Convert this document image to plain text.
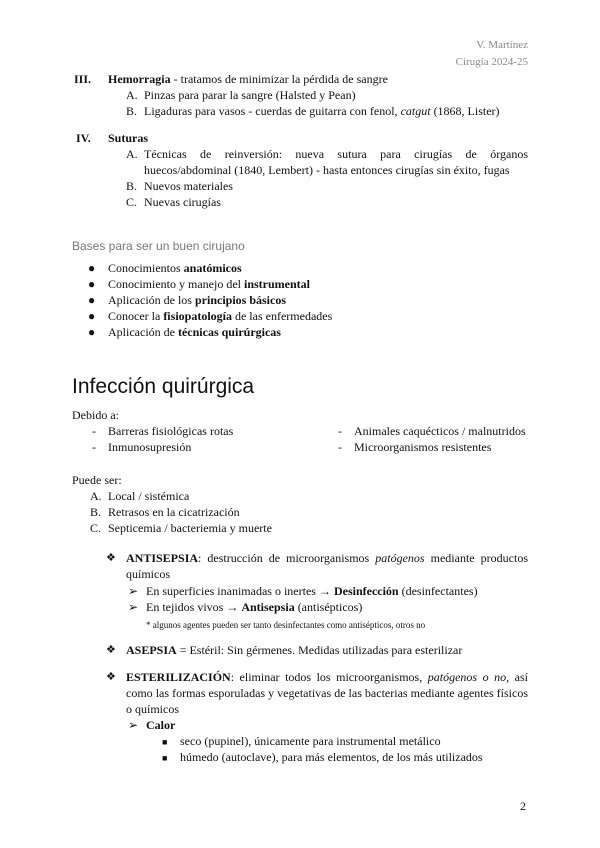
V. Martínez
Cirugía 2024-25
III. Hemorragia - tratamos de minimizar la pérdida de sangre
A. Pinzas para parar la sangre (Halsted y Pean)
B. Ligaduras para vasos - cuerdas de guitarra con fenol, catgut (1868, Lister)
IV. Suturas
A. Técnicas de reinversión: nueva sutura para cirugías de órganos huecos/abdominal (1840, Lembert) - hasta entonces cirugías sin éxito, fugas
B. Nuevos materiales
C. Nuevas cirugías
Bases para ser un buen cirujano
● Conocimientos anatómicos
● Conocimiento y manejo del instrumental
● Aplicación de los principios básicos
● Conocer la fisiopatología de las enfermedades
● Aplicación de técnicas quirúrgicas
Infección quirúrgica
Debido a:
- Barreras fisiológicas rotas
- Inmunosupresión
- Animales caquécticos / malnutridos
- Microorganismos resistentes
Puede ser:
A. Local / sistémica
B. Retrasos en la cicatrización
C. Septicemia / bacteriemia y muerte
❖ ANTISEPSIA: destrucción de microorganismos patógenos mediante productos químicos
➢ En superficies inanimadas o inertes → Desinfección (desinfectantes)
➢ En tejidos vivos → Antisepsia (antisépticos)
* algunos agentes pueden ser tanto desinfectantes como antisépticos, otros no
❖ ASEPSIA = Estéril: Sin gérmenes. Medidas utilizadas para esterilizar
❖ ESTERILIZACIÓN: eliminar todos los microorganismos, patógenos o no, así como las formas esporuladas y vegetativas de las bacterias mediante agentes físicos o químicos
➢ Calor
■ seco (pupinel), únicamente para instrumental metálico
■ húmedo (autoclave), para más elementos, de los más utilizados
2
